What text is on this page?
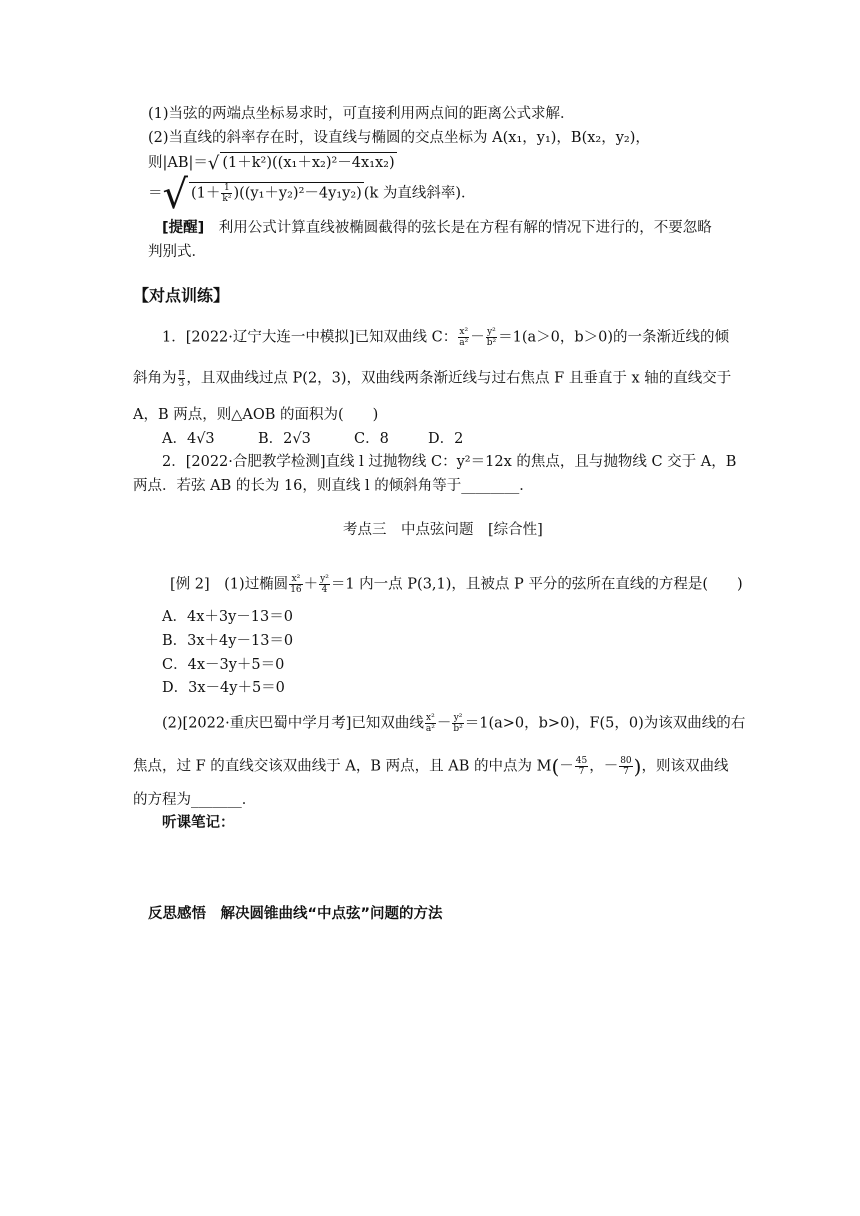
(1)当弦的两端点坐标易求时，可直接利用两点间的距离公式求解．
(2)当直线的斜率存在时，设直线与椭圆的交点坐标为 A(x₁，y₁)，B(x₂，y₂)，
则|AB|＝√ (1＋k²)((x₁＋x₂)²－4x₁x₂)
＝√ $(1+ \frac{1}{\text{k²}} )((y_1+y_2)^2-4y_1y_2)$ (k 为直线斜率)．
[提醒]　利用公式计算直线被椭圆截得的弦长是在方程有解的情况下进行的，不要忽略
判别式．
【对点训练】
1．[2022·辽宁大连一中模拟]已知双曲线 C： $\frac{\text{x²}}{\text{a²}} - \frac{\text{y²}}{\text{b²}} =1(a>0$，b＞0)的一条渐近线的倾
斜角为 $\frac{\pi}{3}$ ，且双曲线过点 P(2，3)，双曲线两条渐近线与过右焦点 F 且垂直于 x 轴的直线交于
A，B 两点，则△AOB 的面积为(　　)
A．4√3	B．2√3	C．8	D．2
2．[2022·合肥教学检测]直线 l 过抛物线 C：y²＝12x 的焦点，且与抛物线 C 交于 A，B
两点．若弦 AB 的长为 16，则直线 l 的倾斜角等于________．
考点三　中点弦问题　[综合性]
[例 2]　(1)过椭圆 $\frac{\text{x²}}{16} + \frac{\text{y²}}{4} =1$ 内一点 P(3,1)，且被点 P 平分的弦所在直线的方程是(　　)
A．4x＋3y－13＝0
B．3x＋4y－13＝0
C．4x－3y＋5＝0
D．3x－4y＋5＝0
(2)[2022·重庆巴蜀中学月考]已知双曲线 $\frac{\text{x²}}{\text{a²}} - \frac{\text{y²}}{\text{b²}} =1(a>0$，b>0)，F(5，0)为该双曲线的右
焦点，过 F 的直线交该双曲线于 A，B 两点，且 AB 的中点为 $M(- \frac{45}{7}$ ，－ $\frac{80}{7}$ )，则该双曲线
的方程为_______．
听课笔记：
反思感悟　解决圆锥曲线“中点弦”问题的方法
